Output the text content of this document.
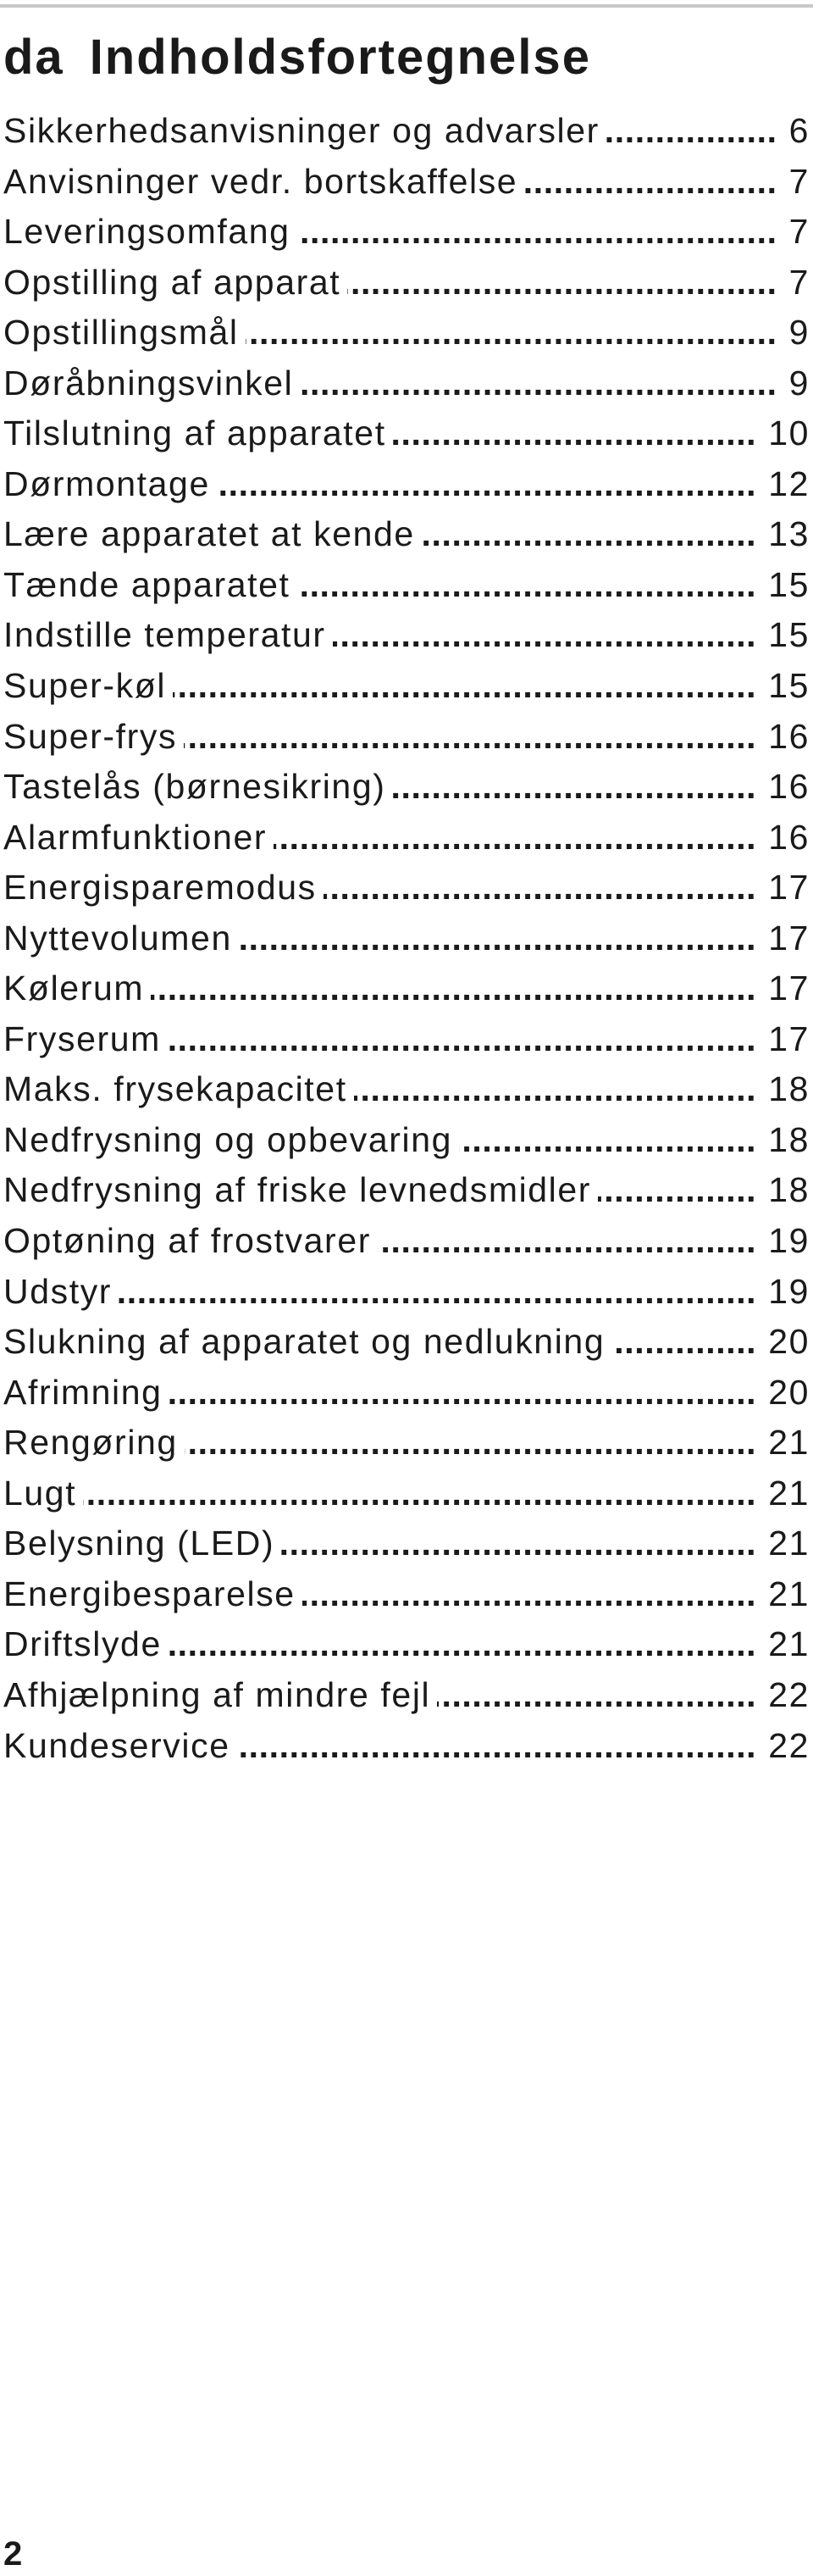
da Indholdsfortegnelse
Sikkerhedsanvisninger og advarsler .....	6
Anvisninger vedr. bortskaffelse .....	7
Leveringsomfang .....	7
Opstilling af apparat .....	7
Opstillingsmål .....	9
Døråbningsvinkel .....	9
Tilslutning af apparatet .....	10
Dørmontage .....	12
Lære apparatet at kende .....	13
Tænde apparatet .....	15
Indstille temperatur .....	15
Super-køl .....	15
Super-frys .....	16
Tastelås (børnesikring) .....	16
Alarmfunktioner .....	16
Energisparemodus .....	17
Nyttevolumen .....	17
Kølerum .....	17
Fryserum .....	17
Maks. frysekapacitet .....	18
Nedfrysning og opbevaring .....	18
Nedfrysning af friske levnedsmidler .....	18
Optøning af frostvarer .....	19
Udstyr .....	19
Slukning af apparatet og nedlukning .....	20
Afrimning .....	20
Rengøring .....	21
Lugt .....	21
Belysning (LED) .....	21
Energibesparelse .....	21
Driftslyde .....	21
Afhjælpning af mindre fejl .....	22
Kundeservice .....	22
2
